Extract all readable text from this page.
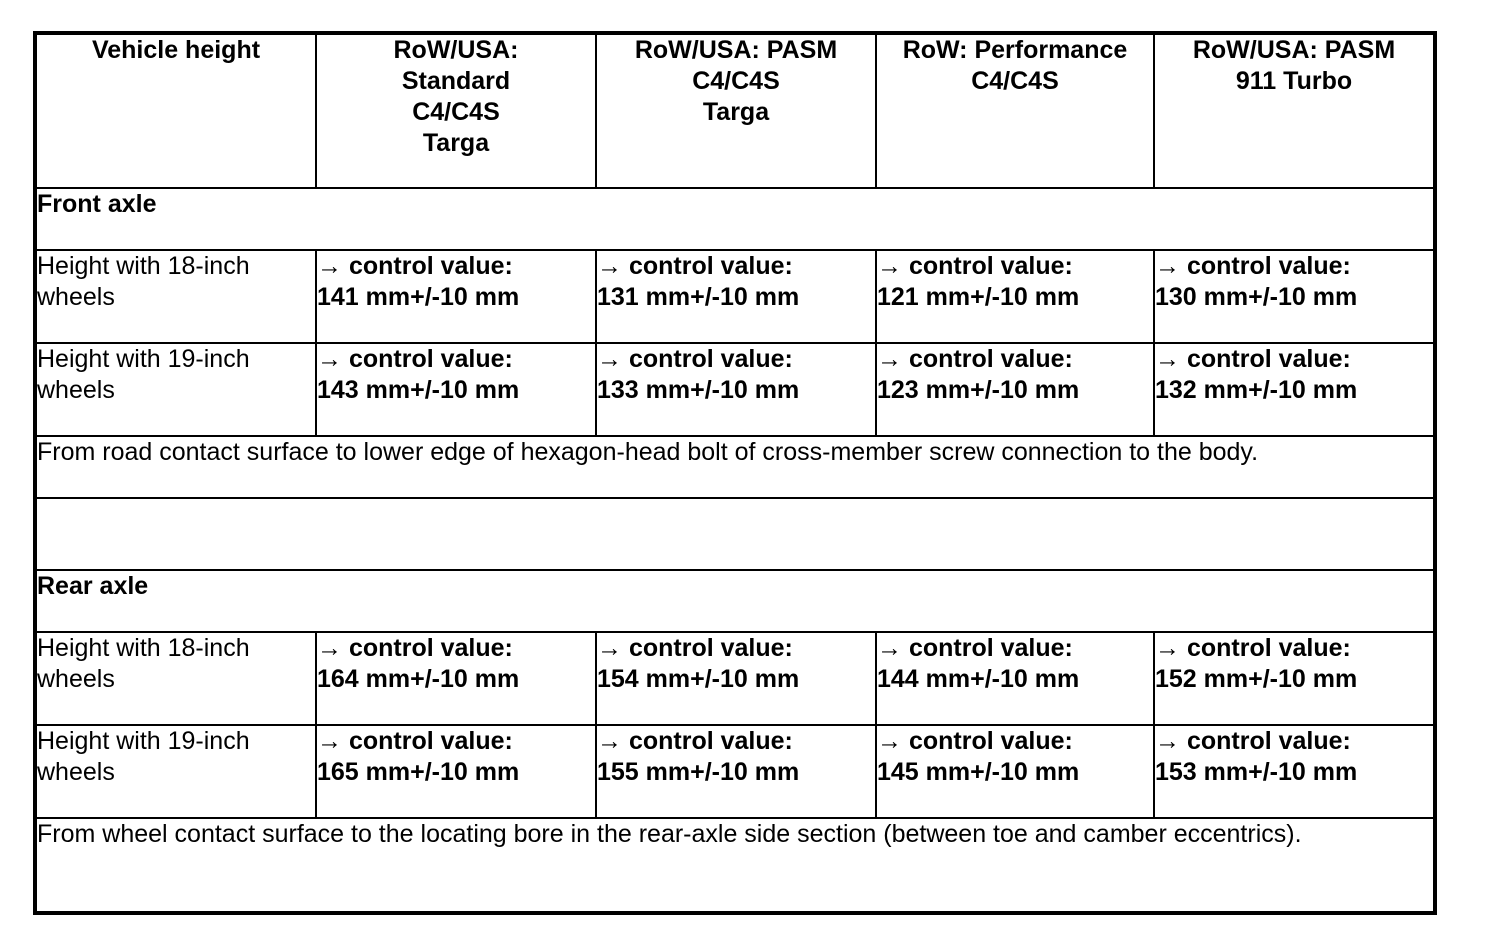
Vehicle height	RoW/USA:
Standard
C4/C4S
Targa	RoW/USA: PASM
C4/C4S
Targa	RoW: Performance
C4/C4S	RoW/USA: PASM
911 Turbo
Front axle				
Height with 18-inch wheels	→ control value:
141 mm+/-10 mm	→ control value:
131 mm+/-10 mm	→ control value:
121 mm+/-10 mm	→ control value:
130 mm+/-10 mm
Height with 19-inch wheels	→ control value:
143 mm+/-10 mm	→ control value:
133 mm+/-10 mm	→ control value:
123 mm+/-10 mm	→ control value:
132 mm+/-10 mm
From road contact surface to lower edge of hexagon-head bolt of cross-member screw connection to the body.				

Rear axle				
Height with 18-inch wheels	→ control value:
164 mm+/-10 mm	→ control value:
154 mm+/-10 mm	→ control value:
144 mm+/-10 mm	→ control value:
152 mm+/-10 mm
Height with 19-inch wheels	→ control value:
165 mm+/-10 mm	→ control value:
155 mm+/-10 mm	→ control value:
145 mm+/-10 mm	→ control value:
153 mm+/-10 mm
From wheel contact surface to the locating bore in the rear-axle side section (between toe and camber eccentrics).				
